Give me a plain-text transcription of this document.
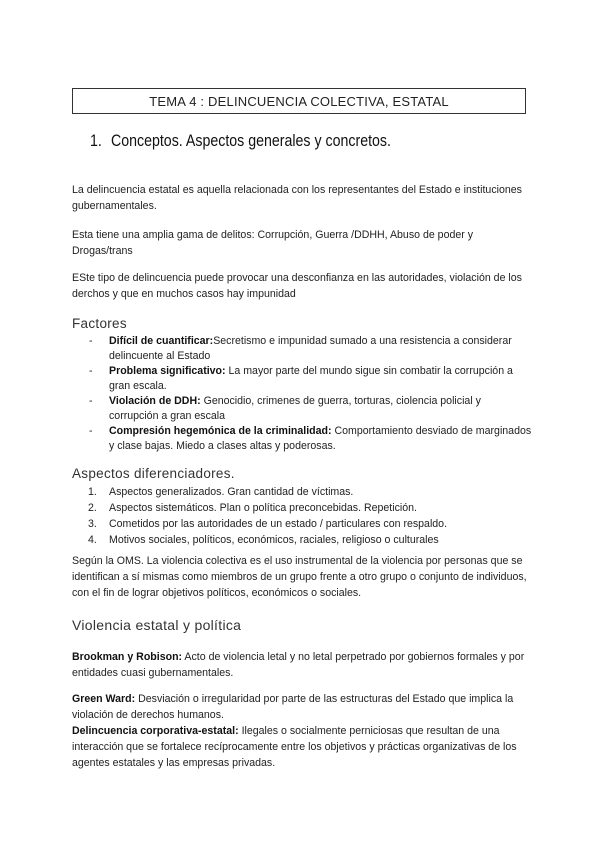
TEMA 4 : DELINCUENCIA COLECTIVA, ESTATAL
1. Conceptos. Aspectos generales y concretos.
La delincuencia estatal es aquella relacionada con los representantes del Estado e instituciones gubernamentales.
Esta tiene una amplia gama de delitos: Corrupción, Guerra /DDHH, Abuso de poder y Drogas/trans
ESte tipo de delincuencia puede provocar una desconfianza en las autoridades, violación de los derchos y que en muchos casos hay impunidad
Factores
- Difícil de cuantificar:Secretismo e impunidad sumado a una resistencia a considerar delincuente al Estado
- Problema significativo: La mayor parte del mundo sigue sin combatir la corrupción a gran escala.
- Violación de DDH: Genocidio, crimenes de guerra, torturas, ciolencia policial y corrupción a gran escala
- Compresión hegemónica de la criminalidad: Comportamiento desviado de marginados y clase bajas. Miedo a clases altas y poderosas.
Aspectos diferenciadores.
1. Aspectos generalizados. Gran cantidad de víctimas.
2. Aspectos sistemáticos. Plan o política preconcebidas. Repetición.
3. Cometidos por las autoridades de un estado / particulares con respaldo.
4. Motivos sociales, políticos, económicos, raciales, religioso o culturales
Según la OMS. La violencia colectiva es el uso instrumental de la violencia por personas que se identifican a sí mismas como miembros de un grupo frente a otro grupo o conjunto de individuos, con el fin de lograr objetivos políticos, económicos o sociales.
Violencia estatal y política
Brookman y Robison: Acto de violencia letal y no letal perpetrado por gobiernos formales y por entidades cuasi gubernamentales.
Green Ward: Desviación o irregularidad por parte de las estructuras del Estado que implica la violación de derechos humanos.
Delincuencia corporativa-estatal: Ilegales o socialmente perniciosas que resultan de una interacción que se fortalece recíprocamente entre los objetivos y prácticas organizativas de los agentes estatales y las empresas privadas.
